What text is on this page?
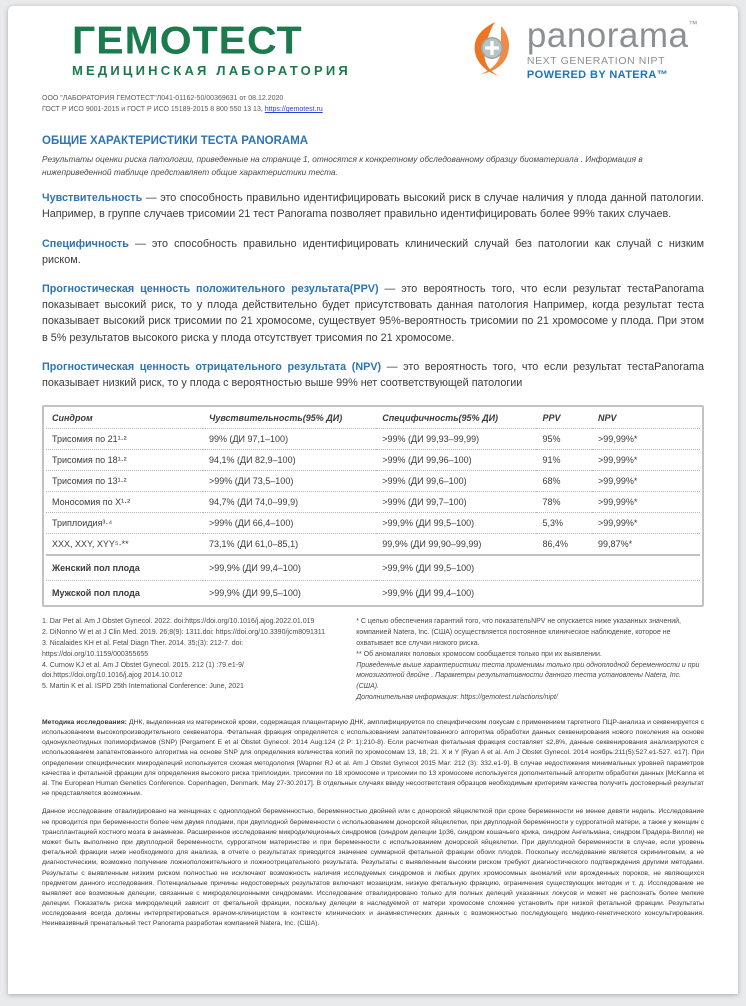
ГЕМОТЕСТ
МЕДИЦИНСКАЯ ЛАБОРАТОРИЯ
panorama™
NEXT GENERATION NIPT
POWERED BY NATERA™
ООО "ЛАБОРАТОРИЯ ГЕМОТЕСТ"Л041-01162-50/00369631 от 08.12.2020
ГОСТ Р ИСО 9001-2015 и ГОСТ Р ИСО 15189-2015 8 800 550 13 13, https://gemotest.ru
ОБЩИЕ ХАРАКТЕРИСТИКИ ТЕСТА PANORAMA
Результаты оценки риска патологии, приведенные на странице 1, относятся к конкретному обследованному образцу биоматериала . Информация в нижеприведенной таблице представляет общие характеристики теста.

Чувствительность — это способность правильно идентифицировать высокий риск в случае наличия у плода данной патологии. Например, в группе случаев трисомии 21 тест Panorama позволяет правильно идентифицировать более 99% таких случаев.

Специфичность — это способность правильно идентифицировать клинический случай без патологии как случай с низким риском.

Прогностическая ценность положительного результата(PPV) — это вероятность того, что если результат тестаPanorama показывает высокий риск, то у плода действительно будет присутствовать данная патология Например, когда результат теста показывает высокий риск трисомии по 21 хромосоме, существует 95%-вероятность трисомии по 21 хромосоме у плода. При этом в 5% результатов высокого риска у плода отсутствует трисомия по 21 хромосоме.

Прогностическая ценность отрицательного результата (NPV) — это вероятность того, что если результат тестаPanorama показывает низкий риск, то у плода с вероятностью выше 99% нет соответствующей патологии

Синдром	Чувствительность(95% ДИ)	Специфичность(95% ДИ)	PPV	NPV
Трисомия по 21¹·²	99% (ДИ 97,1–100)	>99% (ДИ 99,93–99,99)	95%	>99,99%*
Трисомия по 18¹·²	94,1% (ДИ 82,9–100)	>99% (ДИ 99,96–100)	91%	>99,99%*
Трисомия по 13¹·²	>99% (ДИ 73,5–100)	>99% (ДИ 99,6–100)	68%	>99,99%*
Моносомия по X¹·²	94,7% (ДИ 74,0–99,9)	>99% (ДИ 99,7–100)	78%	>99,99%*
Триплоидия³·⁴	>99% (ДИ 66,4–100)	>99,9% (ДИ 99,5–100)	5,3%	>99,99%*
XXX, XXY, XYY⁵·**	73,1% (ДИ 61,0–85,1)	99,9% (ДИ 99,90–99,99)	86,4%	99,87%*
Женский пол плода	>99,9% (ДИ 99,4–100)	>99,9% (ДИ 99,5–100)		
Мужской пол плода	>99,9% (ДИ 99,5–100)	>99,9% (ДИ 99,4–100)		
1. Dar Pet al. Am J Obstet Gynecol. 2022. doi:https://doi.org/10.1016/j.ajog.2022.01.019
2. DiNonno W et at J Clin Med. 2019. 26;8(9): 1311.doi: https://doi.org/10.3390/jcm8091311
3. Nicalaides KH et al. Fetal Diagn Ther. 2014. 35;(3): 212-7. doi: https://doi.org/10.1159/000355655
4. Curnow KJ et al. Am J Obstet Gynecol. 2015. 212 (1) :79.e1-9/ doi.https://doi.org/10.1016/j.ajog 2014.10.012
5. Martin K et al. ISPD 25th International Conference: June, 2021
* С целью обеспечения гарантий того, что показательNPV не опускается ниже указанных значений, компанией Natera, Inc. (США) осуществляется постоянное клиническое наблюдение, которое не охватывает все случаи низкого риска.
** Об аномалиях половых хромосом сообщается только при их выявлении.
Приведенные выше характеристики теста применимы только при одноплодной беременности и при монозиготной двойне . Параметры результативности данного теста установлены Natera, Inc. (США).
Дополнительная информация: https://gemotest.ru/actions/nipt/

Методика исследования: ДНК, выделенная из материнской крови, содержащая плацентарную ДНК, амплифицируется по специфическим локусам с применением таргетного ПЦР-анализа и секвенируется с использованием высокопроизводительного секвенатора. Фетальная фракция определяется с использованием запатентованного алгоритма обработки данных секвенирования нового поколения на основе однонуклеотидных полиморфизмов (SNP) [Pergament E et al Obstet Gynecol. 2014 Aug:124 (2 P: 1):210-8). Если расчетная фетальная фракция составляет ≤2,8%, данные секвенирования анализируются с использованием запатентованного алгоритма на основе SNP для определения количества копий по хромосомам 13, 18, 21. X и Y [Ryan A et al. Am J Obstet Gynecol. 2014 ноябрь:211(5):527.e1-527. e17]. При определении специфических микроделеций используется схожая методология [Wapner RJ et al. Am J Obstet Gynecol 2015 Mar: 212 (3): 332.e1-9]. В случае недостижения минимальных уровней параметров качества и фетальной фракции для определения высокого риска триплоидии. трисомии по 18 хромосоме и трисомии по 13 хромосоме используется дополнительный алгоритм обработки данных [McKanna et al. The European Human Genetics Conference. Copenhagen, Denmark. May 27-30.2017]. В отдельных случаях ввиду несоответствия образцов необходимым критериям качества получить достоверный результат не представляется возможным.

Данное исследование отвалидировано на женщинах с одноплодной беременностью, беременностью двойней или с донорской яйцеклеткой при сроке беременности не менее девяти недель. Исследование не проводится при беременности более чем двумя плодами, при двуплодной беременности с использованием донорской яйцеклетки, при двуплодной беременности у суррогатной матери, а также у женщин с трансплантацией костного мозга в анамнезе. Расширенное исследование микроделеционных синдромов (синдром делеции 1p36, синдром кошачьего крика, синдром Ангельмана, синдром Прадера-Вилли) не может быть выполнено при двуплодной беременности, суррогатном материнстве и при беременности с использованием донорской яйцеклетки. При двуплодной беременности в случае, если уровень фетальной фракции ниже необходимого для анализа, в отчете о результатах приводится значение суммарной фетальной фракции обоих плодов. Поскольку исследование является скрининговым, а не диагностическим, возможно получение ложноположительного и ложноотрицательного результата. Результаты с выявленным высоким риском требуют диагностического подтверждения другими методами. Результаты с выявленным низким риском полностью не исключают возможность наличия исследуемых синдромов и любых других хромосомных аномалий или врожденных пороков, не являющихся предметом данного исследования. Потенциальные причины недостоверных результатов включают мозаицизм, низкую фетальную фракцию, ограничения существующих методик и т. д. Исследование не выявляет все возможные делеции, связанные с микроделеционными синдромами. Исследование отвалидировано только для полных делеций указанных локусов и может не распознать более мелкие делеции. Показатель риска микроделеций зависит от фетальной фракции, поскольку делеции в наследуемой от матери хромосоме сложнее установить при низкой фетальной фракции. Результаты исследования всегда должны интерпретироваться врачом-клиницистом в контексте клинических и анамнестических данных с возможностью последующего медико-генетического консультирования. Неинвазивный пренатальный тест Panorama разработан компанией Natera, Inc. (США).
